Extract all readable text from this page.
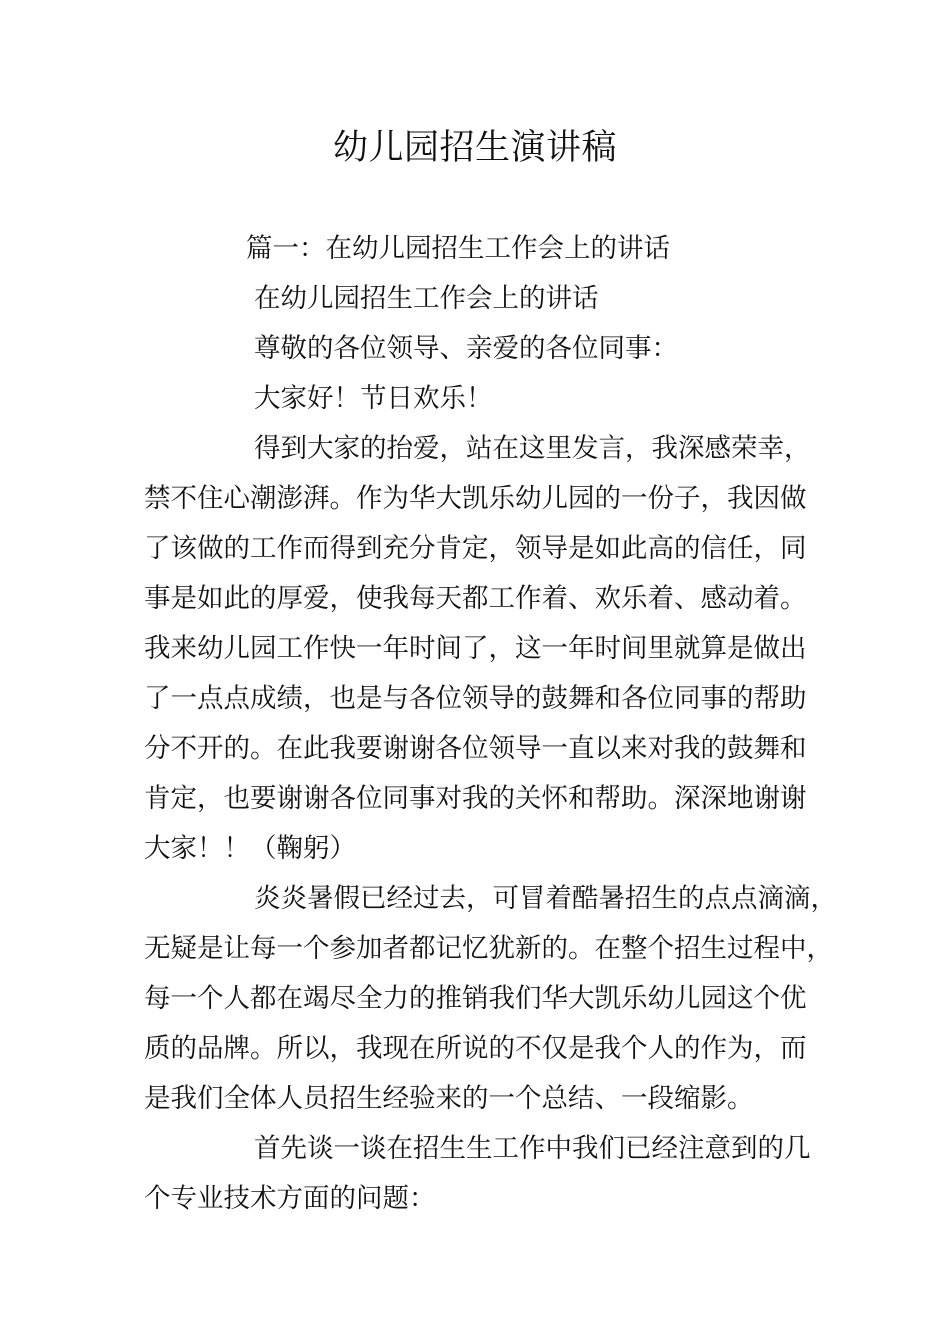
幼儿园招生演讲稿
篇一：在幼儿园招生工作会上的讲话
在幼儿园招生工作会上的讲话
尊敬的各位领导、亲爱的各位同事：
大家好！节日欢乐！
得到大家的抬爱，站在这里发言，我深感荣幸，
禁不住心潮澎湃。作为华大凯乐幼儿园的一份子，我因做
了该做的工作而得到充分肯定，领导是如此高的信任，同
事是如此的厚爱，使我每天都工作着、欢乐着、感动着。
我来幼儿园工作快一年时间了，这一年时间里就算是做出
了一点点成绩，也是与各位领导的鼓舞和各位同事的帮助
分不开的。在此我要谢谢各位领导一直以来对我的鼓舞和
肯定，也要谢谢各位同事对我的关怀和帮助。深深地谢谢
大家！！（鞠躬）
炎炎暑假已经过去，可冒着酷暑招生的点点滴滴，
无疑是让每一个参加者都记忆犹新的。在整个招生过程中，
每一个人都在竭尽全力的推销我们华大凯乐幼儿园这个优
质的品牌。所以，我现在所说的不仅是我个人的作为，而
是我们全体人员招生经验来的一个总结、一段缩影。
首先谈一谈在招生生工作中我们已经注意到的几
个专业技术方面的问题：
